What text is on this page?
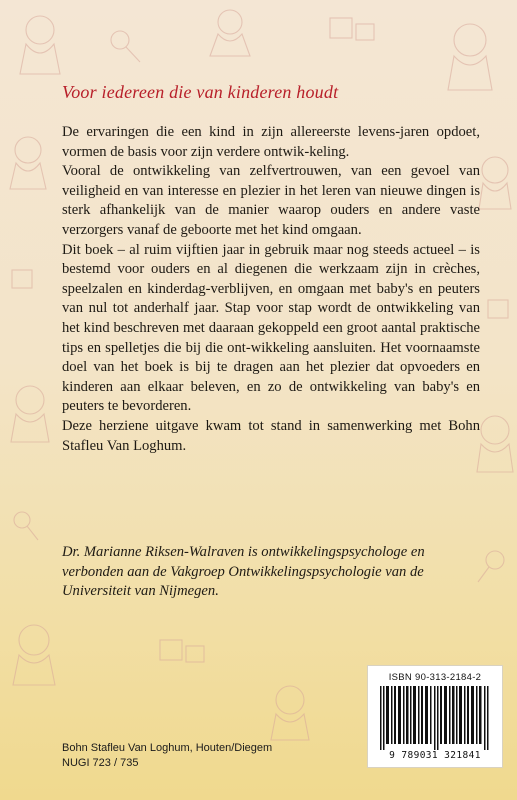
Voor iedereen die van kinderen houdt

De ervaringen die een kind in zijn allereerste levens-jaren opdoet, vormen de basis voor zijn verdere ontwik-keling.

Vooral de ontwikkeling van zelfvertrouwen, van een gevoel van veiligheid en van interesse en plezier in het leren van nieuwe dingen is sterk afhankelijk van de manier waarop ouders en andere vaste verzorgers vanaf de geboorte met het kind omgaan.

Dit boek – al ruim vijftien jaar in gebruik maar nog steeds actueel – is bestemd voor ouders en al diegenen die werkzaam zijn in crèches, speelzalen en kinderdag-verblijven, en omgaan met baby's en peuters van nul tot anderhalf jaar. Stap voor stap wordt de ontwikkeling van het kind beschreven met daaraan gekoppeld een groot aantal praktische tips en spelletjes die bij die ont-wikkeling aansluiten. Het voornaamste doel van het boek is bij te dragen aan het plezier dat opvoeders en kinderen aan elkaar beleven, en zo de ontwikkeling van baby's en peuters te bevorderen.

Deze herziene uitgave kwam tot stand in samenwerking met Bohn Stafleu Van Loghum.

Dr. Marianne Riksen-Walraven is ontwikkelingspsychologe en verbonden aan de Vakgroep Ontwikkelingspsychologie van de Universiteit van Nijmegen.
Bohn Stafleu Van Loghum, Houten/Diegem
NUGI 723 / 735
ISBN 90-313-2184-2
9 789031 321841
